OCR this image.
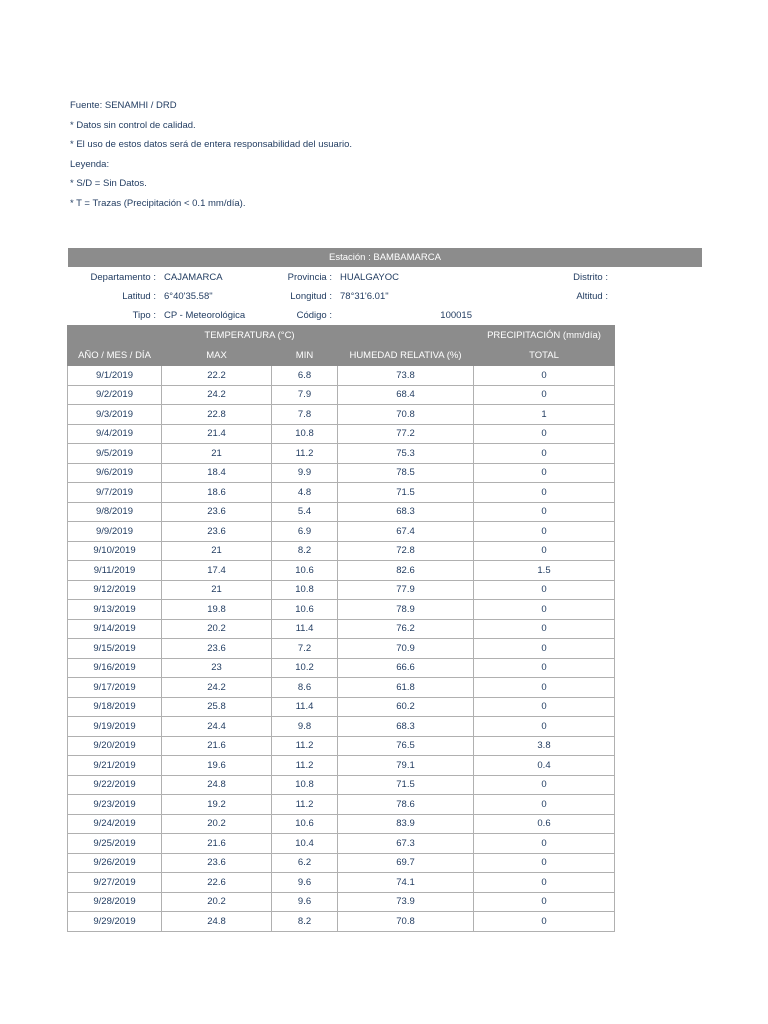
Fuente: SENAMHI / DRD
* Datos sin control de calidad.
* El uso de estos datos será de entera responsabilidad del usuario.
Leyenda:
* S/D = Sin Datos.
* T = Trazas (Precipitación < 0.1 mm/día).
Estación : BAMBAMARCA
Departamento : CAJAMARCA	Provincia : HUALGAYOC	Distrito :
Latitud : 6°40'35.58"	Longitud : 78°31'6.01"	Altitud :
Tipo : CP - Meteorológica	Código :	100015
	TEMPERATURA (°C)			PRECIPITACIÓN (mm/día)
AÑO / MES / DÍA	MAX	MIN	HUMEDAD RELATIVA (%)	TOTAL
9/1/2019	22.2	6.8	73.8	0
9/2/2019	24.2	7.9	68.4	0
9/3/2019	22.8	7.8	70.8	1
9/4/2019	21.4	10.8	77.2	0
9/5/2019	21	11.2	75.3	0
9/6/2019	18.4	9.9	78.5	0
9/7/2019	18.6	4.8	71.5	0
9/8/2019	23.6	5.4	68.3	0
9/9/2019	23.6	6.9	67.4	0
9/10/2019	21	8.2	72.8	0
9/11/2019	17.4	10.6	82.6	1.5
9/12/2019	21	10.8	77.9	0
9/13/2019	19.8	10.6	78.9	0
9/14/2019	20.2	11.4	76.2	0
9/15/2019	23.6	7.2	70.9	0
9/16/2019	23	10.2	66.6	0
9/17/2019	24.2	8.6	61.8	0
9/18/2019	25.8	11.4	60.2	0
9/19/2019	24.4	9.8	68.3	0
9/20/2019	21.6	11.2	76.5	3.8
9/21/2019	19.6	11.2	79.1	0.4
9/22/2019	24.8	10.8	71.5	0
9/23/2019	19.2	11.2	78.6	0
9/24/2019	20.2	10.6	83.9	0.6
9/25/2019	21.6	10.4	67.3	0
9/26/2019	23.6	6.2	69.7	0
9/27/2019	22.6	9.6	74.1	0
9/28/2019	20.2	9.6	73.9	0
9/29/2019	24.8	8.2	70.8	0
